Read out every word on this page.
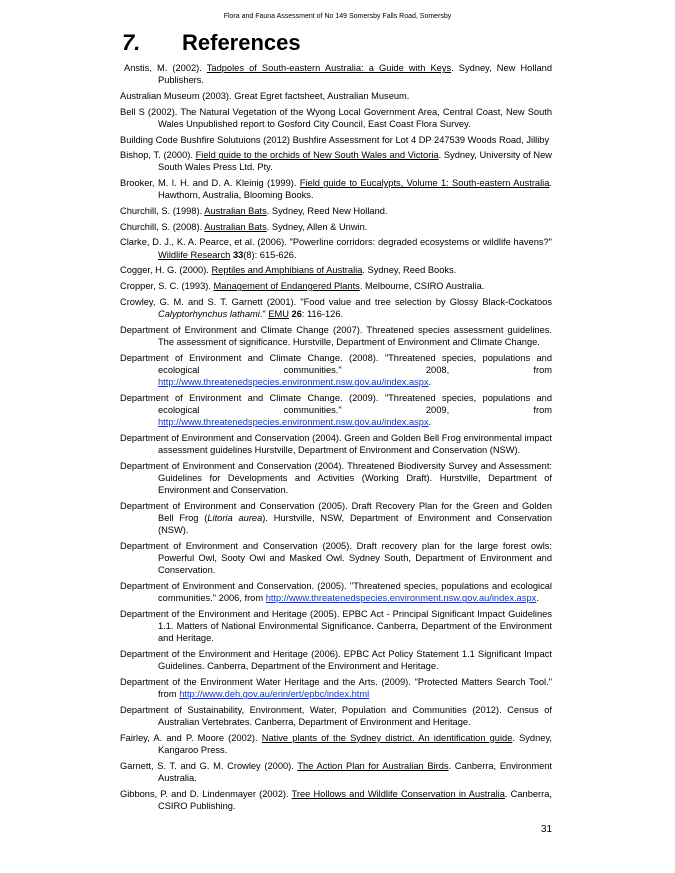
Flora and Fauna Assessment of No 149 Somersby Falls Road, Somersby
7. References

Anstis, M. (2002). Tadpoles of South-eastern Australia: a Guide with Keys. Sydney, New Holland Publishers.

Australian Museum (2003). Great Egret factsheet, Australian Museum.

Bell S (2002). The Natural Vegetation of the Wyong Local Government Area, Central Coast, New South Wales Unpublished report to Gosford City Council, East Coast Flora Survey.

Building Code Bushfire Solutuions (2012) Bushfire Assessment for Lot 4 DP 247539 Woods Road, Jilliby

Bishop, T. (2000). Field guide to the orchids of New South Wales and Victoria. Sydney, University of New South Wales Press Ltd. Pty.

Brooker, M. I. H. and D. A. Kleinig (1999). Field guide to Eucalypts, Volume 1: South-eastern Australia. Hawthorn, Australia, Blooming Books.

Churchill, S. (1998). Australian Bats. Sydney, Reed New Holland.

Churchill, S. (2008). Australian Bats. Sydney, Allen & Unwin.

Clarke, D. J., K. A. Pearce, et al. (2006). "Powerline corridors: degraded ecosystems or wildlife havens?" Wildlife Research 33(8): 615-626.

Cogger, H. G. (2000). Reptiles and Amphibians of Australia. Sydney, Reed Books.

Cropper, S. C. (1993). Management of Endangered Plants. Melbourne, CSIRO Australia.

Crowley, G. M. and S. T. Garnett (2001). "Food value and tree selection by Glossy Black-Cockatoos Calyptorhynchus lathami." EMU 26: 116-126.

Department of Environment and Climate Change (2007). Threatened species assessment guidelines. The assessment of significance. Hurstville, Department of Environment and Climate Change.

Department of Environment and Climate Change. (2008). "Threatened species, populations and ecological communities." 2008, from http://www.threatenedspecies.environment.nsw.gov.au/index.aspx.

Department of Environment and Climate Change. (2009). "Threatened species, populations and ecological communities." 2009, from http://www.threatenedspecies.environment.nsw.gov.au/index.aspx.

Department of Environment and Conservation (2004). Green and Golden Bell Frog environmental impact assessment guidelines Hurstville, Department of Environment and Conservation (NSW).

Department of Environment and Conservation (2004). Threatened Biodiversity Survey and Assessment: Guidelines for Developments and Activities (Working Draft). Hurstville, Department of Environment and Conservation.

Department of Environment and Conservation (2005). Draft Recovery Plan for the Green and Golden Bell Frog (Litoria aurea). Hurstville, NSW, Department of Environment and Conservation (NSW).

Department of Environment and Conservation (2005). Draft recovery plan for the large forest owls: Powerful Owl, Sooty Owl and Masked Owl. Sydney South, Department of Environment and Conservation.

Department of Environment and Conservation. (2005). "Threatened species, populations and ecological communities." 2006, from http://www.threatenedspecies.environment.nsw.gov.au/index.aspx.

Department of the Environment and Heritage (2005). EPBC Act - Principal Significant Impact Guidelines 1.1. Matters of National Environmental Significance. Canberra, Department of the Environment and Heritage.

Department of the Environment and Heritage (2006). EPBC Act Policy Statement 1.1 Significant Impact Guidelines. Canberra, Department of the Environment and Heritage.

Department of the Environment Water Heritage and the Arts. (2009). "Protected Matters Search Tool." from http://www.deh.gov.au/erin/ert/epbc/index.html

Department of Sustainability, Environment, Water, Population and Communities (2012). Census of Australian Vertebrates. Canberra, Department of Environment and Heritage.

Fairley, A. and P. Moore (2002). Native plants of the Sydney district. An identification guide. Sydney, Kangaroo Press.

Garnett, S. T. and G. M. Crowley (2000). The Action Plan for Australian Birds. Canberra, Environment Australia.

Gibbons, P. and D. Lindenmayer (2002). Tree Hollows and Wildlife Conservation in Australia. Canberra, CSIRO Publishing.

31
